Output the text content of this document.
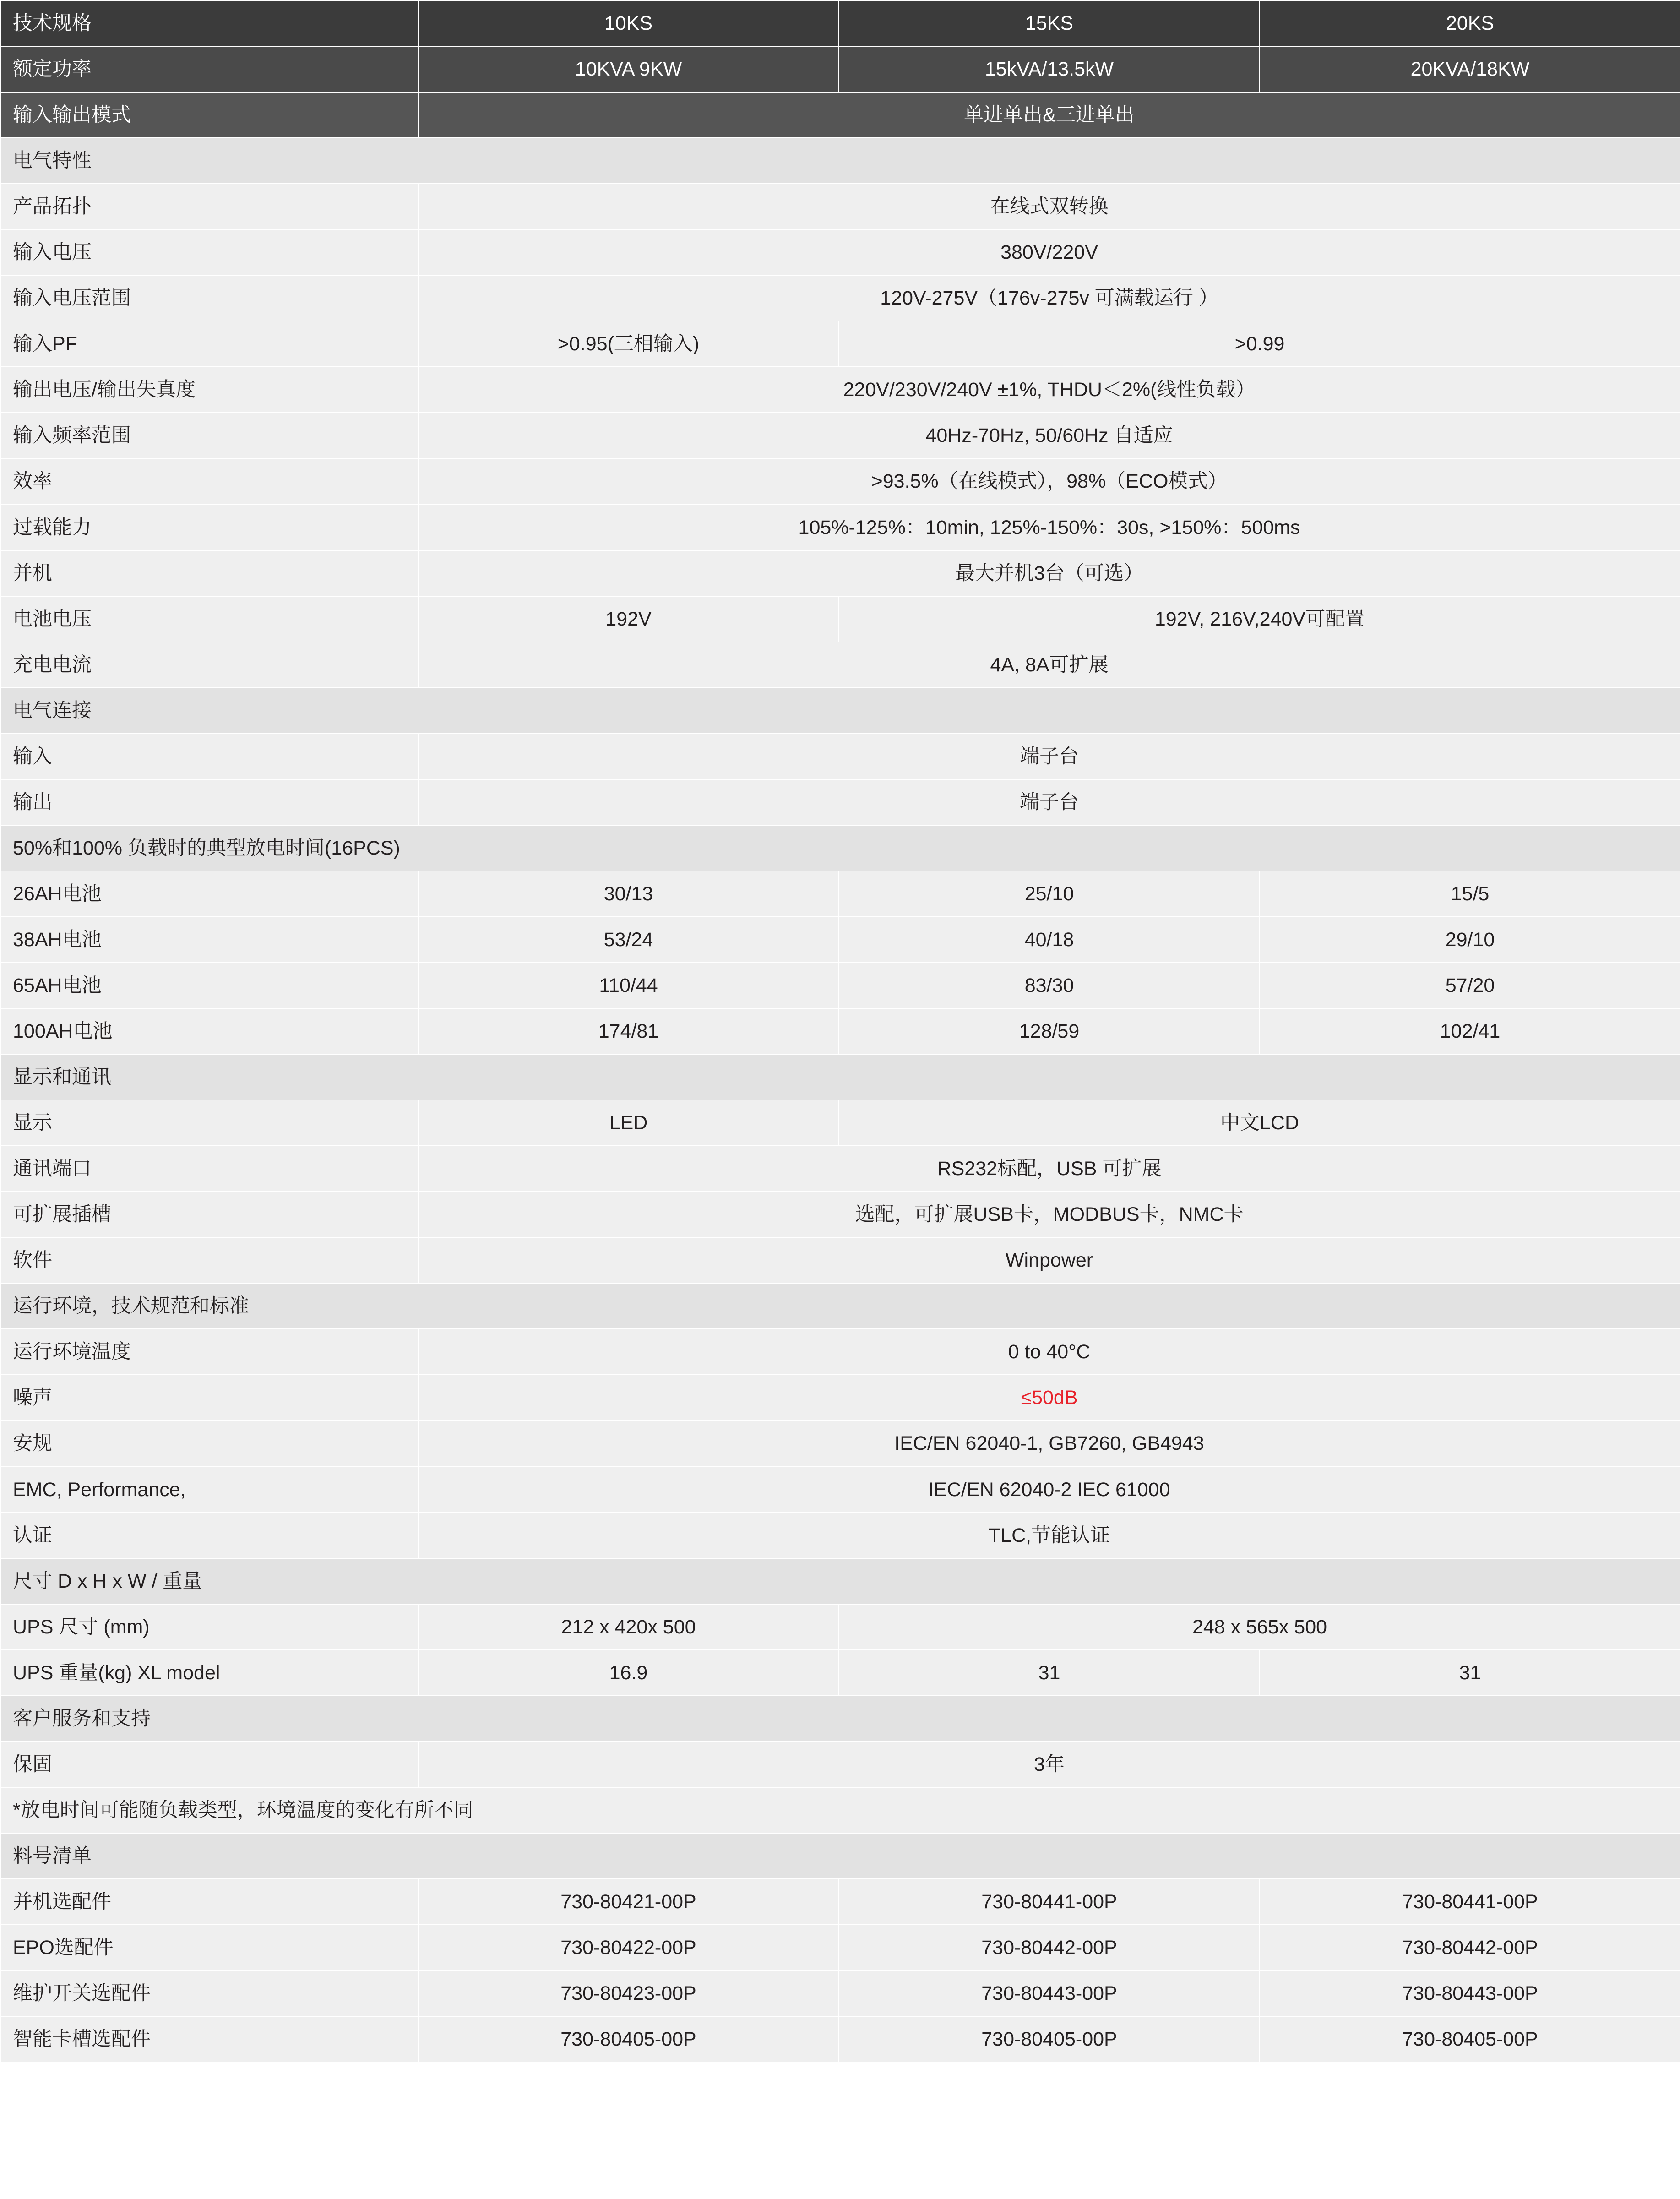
技术规格	10KS	15KS	20KS
额定功率	10KVA 9KW	15kVA/13.5kW	20KVA/18KW
输入输出模式	单进单出&三进单出		
电气特性			
产品拓扑	在线式双转换		
输入电压	380V/220V		
输入电压范围	120V-275V（176v-275v 可满载运行 ）		
输入PF	>0.95(三相输入)	>0.99	
输出电压/输出失真度	220V/230V/240V ±1%, THDU＜2%(线性负载）		
输入频率范围	40Hz-70Hz, 50/60Hz 自适应		
效率	>93.5%（在线模式），98%（ECO模式）		
过载能力	105%-125%：10min, 125%-150%：30s, >150%：500ms		
并机	最大并机3台（可选）		
电池电压	192V	192V, 216V,240V可配置	
充电电流	4A, 8A可扩展		
电气连接			
输入	端子台		
输出	端子台		
50%和100% 负载时的典型放电时间(16PCS)			
26AH电池	30/13	25/10	15/5
38AH电池	53/24	40/18	29/10
65AH电池	110/44	83/30	57/20
100AH电池	174/81	128/59	102/41
显示和通讯			
显示	LED	中文LCD	
通讯端口	RS232标配，USB 可扩展		
可扩展插槽	选配，可扩展USB卡，MODBUS卡，NMC卡		
软件	Winpower		
运行环境，技术规范和标准			
运行环境温度	0 to 40°C		
噪声	≤50dB		
安规	IEC/EN 62040-1, GB7260, GB4943		
EMC, Performance,	IEC/EN 62040-2 IEC 61000		
认证	TLC,节能认证		
尺寸 D x H x W / 重量			
UPS 尺寸 (mm)	212 x 420x 500	248 x 565x 500	
UPS 重量(kg) XL model	16.9	31	31
客户服务和支持			
保固	3年		
*放电时间可能随负载类型，环境温度的变化有所不同			
料号清单			
并机选配件	730-80421-00P	730-80441-00P	730-80441-00P
EPO选配件	730-80422-00P	730-80442-00P	730-80442-00P
维护开关选配件	730-80423-00P	730-80443-00P	730-80443-00P
智能卡槽选配件	730-80405-00P	730-80405-00P	730-80405-00P
